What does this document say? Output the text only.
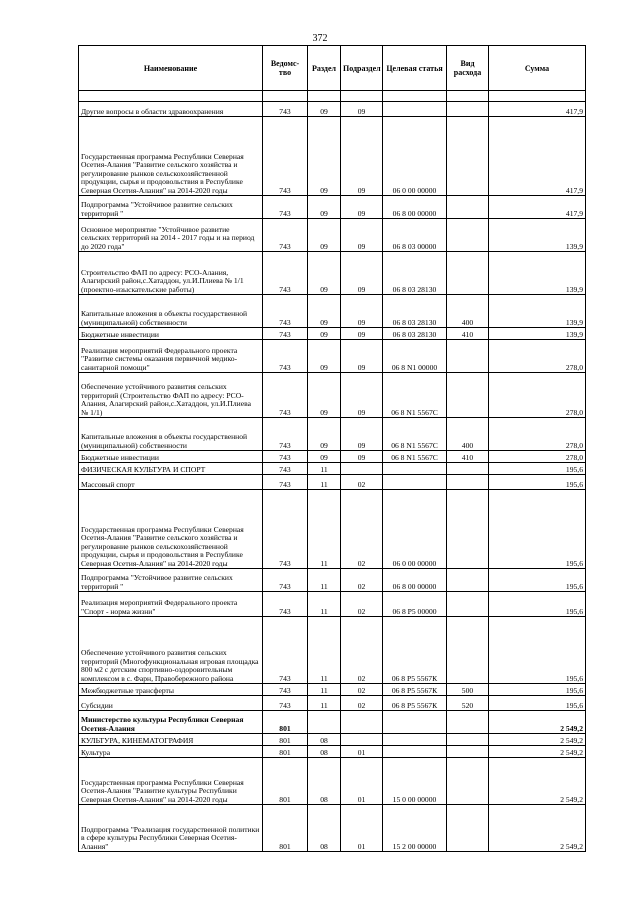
372
Наименование	Ведомс-тво	Раздел	Подраздел	Целевая статья	Вид расхода	Сумма

Другие вопросы в области здравоохранения	743	09	09			417,9
Государственная программа Республики Северная Осетия-Алания "Развитие сельского хозяйства и регулирование рынков сельскохозяйственной продукции, сырья и продовольствия в Республике Северная Осетия-Алания" на 2014-2020 годы	743	09	09	06 0 00 00000		417,9
Подпрограмма "Устойчивое развитие сельских территорий "	743	09	09	06 8 00 00000		417,9
Основное мероприятие "Устойчивое развитие сельских территорий на 2014 - 2017 годы и на период до 2020 года"	743	09	09	06 8 03 00000		139,9
Строительство ФАП по адресу: РСО-Алания, Алагирский район,с.Хатаддон, ул.И.Плиева № 1/1 (проектно-изыскательские работы)	743	09	09	06 8 03 28130		139,9
Капитальные вложения в объекты государственной (муниципальной) собственности	743	09	09	06 8 03 28130	400	139,9
Бюджетные инвестиции	743	09	09	06 8 03 28130	410	139,9
Реализация мероприятий Федерального проекта "Развитие системы оказания первичной медико-санитарной помощи"	743	09	09	06 8 N1 00000		278,0
Обеспечение устойчивого развития сельских территорий (Строительство ФАП по адресу: РСО-Алания, Алагирский район,с.Хатаддон, ул.И.Плиева № 1/1)	743	09	09	06 8 N1 5567С		278,0
Капитальные вложения в объекты государственной (муниципальной) собственности	743	09	09	06 8 N1 5567С	400	278,0
Бюджетные инвестиции	743	09	09	06 8 N1 5567С	410	278,0
ФИЗИЧЕСКАЯ КУЛЬТУРА И СПОРТ	743	11				195,6
Массовый спорт	743	11	02			195,6
Государственная программа Республики Северная Осетия-Алания "Развитие сельского хозяйства и регулирование рынков сельскохозяйственной продукции, сырья и продовольствия в Республике Северная Осетия-Алания" на 2014-2020 годы	743	11	02	06 0 00 00000		195,6
Подпрограмма "Устойчивое развитие сельских территорий "	743	11	02	06 8 00 00000		195,6
Реализация мероприятий Федерального проекта "Спорт - норма жизни"	743	11	02	06 8 P5 00000		195,6
Обеспечение устойчивого развития сельских территорий (Многофункциональная игровая площадка 800 м2 с детским спортивно-оздоровительным комплексом в с. Фарн, Правобережного района	743	11	02	06 8 P5 5567К		195,6
Межбюджетные трансферты	743	11	02	06 8 P5 5567К	500	195,6
Субсидии	743	11	02	06 8 P5 5567К	520	195,6
Министерство культуры Республики Северная Осетия-Алания	801					2 549,2
КУЛЬТУРА, КИНЕМАТОГРАФИЯ	801	08				2 549,2
Культура	801	08	01			2 549,2
Государственная программа Республики Северная Осетия-Алания "Развитие культуры Республики Северная Осетия-Алания" на 2014-2020 годы	801	08	01	15 0 00 00000		2 549,2
Подпрограмма "Реализация государственной политики в сфере культуры Республики Северная Осетия-Алания"	801	08	01	15 2 00 00000		2 549,2
